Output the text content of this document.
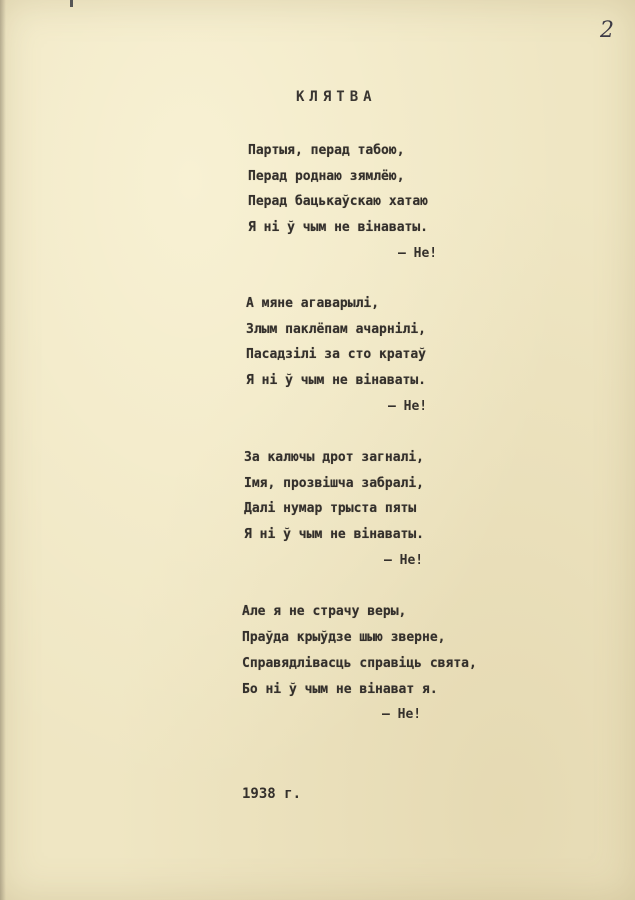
2
КЛЯТВА
Партыя, перад табою,
Перад роднаю зямлёю,
Перад бацькаўскаю хатаю
Я ні ў чым не вінаваты.
— Не!
А мяне агаварылі,
Злым паклёпам ачарнілі,
Пасадзілі за сто кратаў
Я ні ў чым не вінаваты.
— Не!
За калючы дрот загналі,
Імя, прозвішча забралі,
Далі нумар трыста пяты
Я ні ў чым не вінаваты.
— Не!
Але я не страчу веры,
Праўда крыўдзе шыю зверне,
Справядлівасць справіць свята,
Бо ні ў чым не вінават я.
— Не!
1938 г.
